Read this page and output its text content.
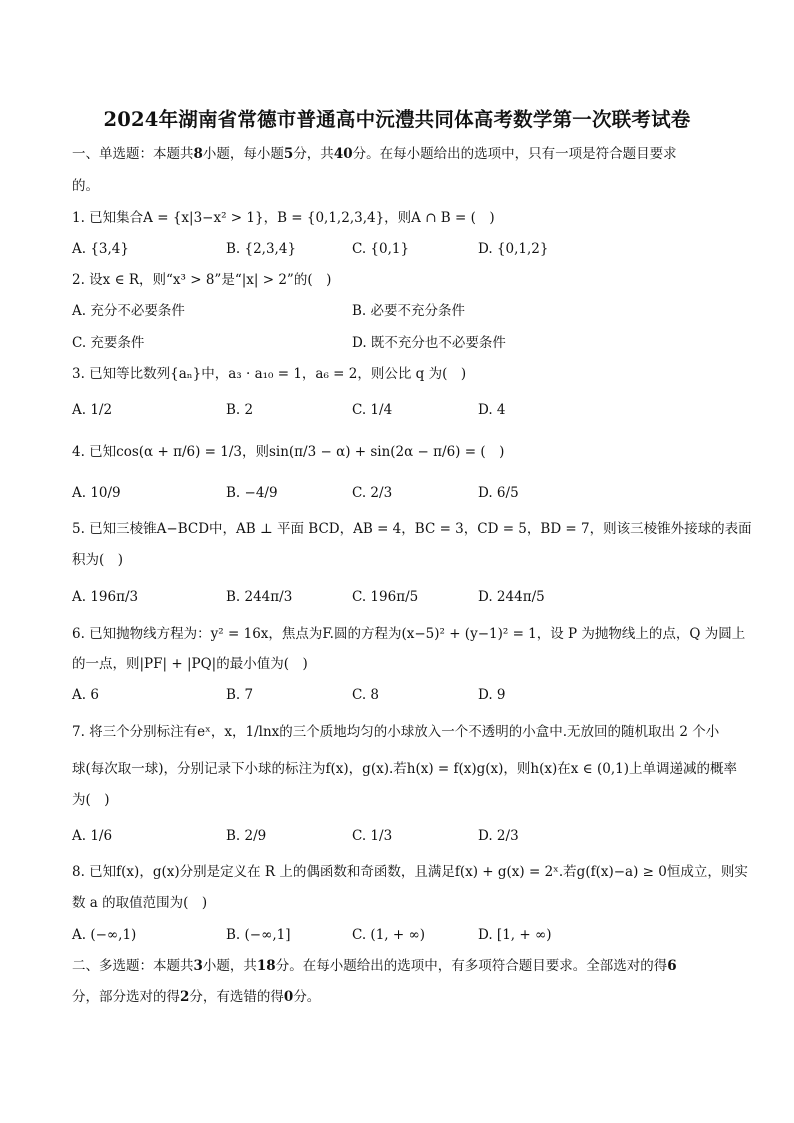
2024年湖南省常德市普通高中沅澧共同体高考数学第一次联考试卷
一、单选题：本题共8小题，每小题5分，共40分。在每小题给出的选项中，只有一项是符合题目要求
的。
1. 已知集合A = {x|3−x² > 1}，B = {0,1,2,3,4}，则A ∩ B = (　)
A. {3,4}	B. {2,3,4}	C. {0,1}	D. {0,1,2}
2. 设x ∈ R，则“x³ > 8”是“|x| > 2”的(　)
A. 充分不必要条件	B. 必要不充分条件
C. 充要条件	D. 既不充分也不必要条件
3. 已知等比数列{aₙ}中，a₃ · a₁₀ = 1，a₆ = 2，则公比 q 为(　)
A. 1/2	B. 2	C. 1/4	D. 4
4. 已知cos(α + π/6) = 1/3，则sin(π/3 − α) + sin(2α − π/6) = (　)
A. 10/9	B. −4/9	C. 2/3	D. 6/5
5. 已知三棱锥A−BCD中，AB ⊥ 平面 BCD，AB = 4，BC = 3，CD = 5，BD = 7，则该三棱锥外接球的表面
积为(　)
A. 196π/3	B. 244π/3	C. 196π/5	D. 244π/5
6. 已知抛物线方程为：y² = 16x，焦点为F.圆的方程为(x−5)² + (y−1)² = 1，设 P 为抛物线上的点，Q 为圆上
的一点，则|PF| + |PQ|的最小值为(　)
A. 6	B. 7	C. 8	D. 9
7. 将三个分别标注有eˣ，x，1/lnx的三个质地均匀的小球放入一个不透明的小盒中.无放回的随机取出 2 个小
球(每次取一球)，分别记录下小球的标注为f(x)，g(x).若h(x) = f(x)g(x)，则h(x)在x ∈ (0,1)上单调递减的概率
为(　)
A. 1/6	B. 2/9	C. 1/3	D. 2/3
8. 已知f(x)，g(x)分别是定义在 R 上的偶函数和奇函数，且满足f(x) + g(x) = 2ˣ.若g(f(x)−a) ≥ 0恒成立，则实
数 a 的取值范围为(　)
A. (−∞,1)	B. (−∞,1]	C. (1, + ∞)	D. [1, + ∞)
二、多选题：本题共3小题，共18分。在每小题给出的选项中，有多项符合题目要求。全部选对的得6
分，部分选对的得2分，有选错的得0分。
